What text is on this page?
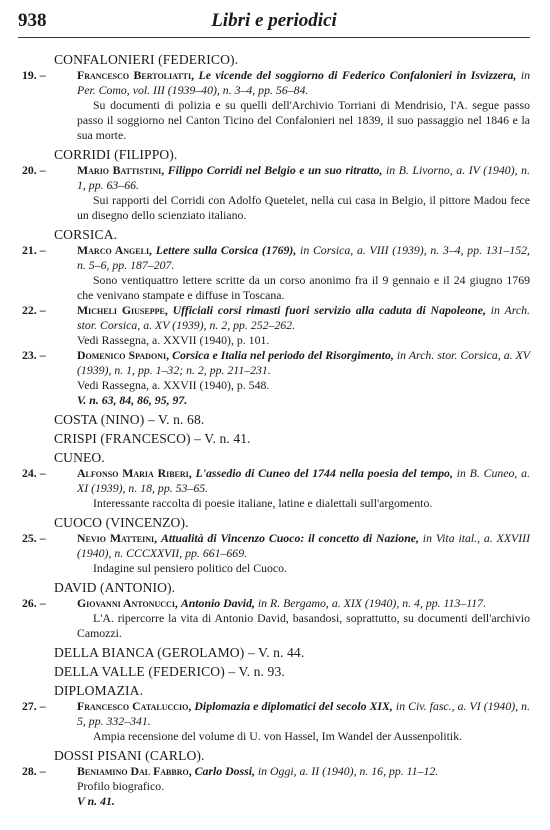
938	Libri e periodici
CONFALONIERI (FEDERICO).
19. –	Francesco Bertoliatti, Le vicende del soggiorno di Federico Confalonieri in Isvizzera, in Per. Como, vol. III (1939–40), n. 3–4, pp. 56–84.
Su documenti di polizia e su quelli dell'Archivio Torriani di Mendrisio, l'A. segue passo passo il soggiorno nel Canton Ticino del Confalonieri nel 1839, il suo passaggio nel 1846 e la sua morte.
CORRIDI (FILIPPO).
20. –	Mario Battistini, Filippo Corridi nel Belgio e un suo ritratto, in B. Livorno, a. IV (1940), n. 1, pp. 63–66.
Sui rapporti del Corridi con Adolfo Quetelet, nella cui casa in Belgio, il pittore Madou fece un disegno dello scienziato italiano.
CORSICA.
21. –	Marco Angeli, Lettere sulla Corsica (1769), in Corsica, a. VIII (1939), n. 3–4, pp. 131–152, n. 5–6, pp. 187–207.
Sono ventiquattro lettere scritte da un corso anonimo fra il 9 gennaio e il 24 giugno 1769 che venivano stampate e diffuse in Toscana.
22. –	Micheli Giuseppe, Ufficiali corsi rimasti fuori servizio alla caduta di Napoleone, in Arch. stor. Corsica, a. XV (1939), n. 2, pp. 252–262.
Vedi Rassegna, a. XXVII (1940), p. 101.
23. –	Domenico Spadoni, Corsica e Italia nel periodo del Risorgimento, in Arch. stor. Corsica, a. XV (1939), n. 1, pp. 1–32; n. 2, pp. 211–231.
Vedi Rassegna, a. XXVII (1940), p. 548.
V. n. 63, 84, 86, 95, 97.
COSTA (NINO) – V. n. 68.
CRISPI (FRANCESCO) – V. n. 41.
CUNEO.
24. –	Alfonso Maria Riberi, L'assedio di Cuneo del 1744 nella poesia del tempo, in B. Cuneo, a. XI (1939), n. 18, pp. 53–65.
Interessante raccolta di poesie italiane, latine e dialettali sull'argomento.
CUOCO (VINCENZO).
25. –	Nevio Matteini, Attualità di Vincenzo Cuoco: il concetto di Nazione, in Vita ital., a. XXVIII (1940), n. CCCXXVII, pp. 661–669.
Indagine sul pensiero politico del Cuoco.
DAVID (ANTONIO).
26. –	Giovanni Antonucci, Antonio David, in R. Bergamo, a. XIX (1940), n. 4, pp. 113–117.
L'A. ripercorre la vita di Antonio David, basandosi, soprattutto, su documenti dell'archivio Camozzi.
DELLA BIANCA (GEROLAMO) – V. n. 44.
DELLA VALLE (FEDERICO) – V. n. 93.
DIPLOMAZIA.
27. –	Francesco Cataluccio, Diplomazia e diplomatici del secolo XIX, in Civ. fasc., a. VI (1940), n. 5, pp. 332–341.
Ampia recensione del volume di U. von Hassel, Im Wandel der Aussenpolitik.
DOSSI PISANI (CARLO).
28. –	Beniamino Dal Fabbro, Carlo Dossi, in Oggi, a. II (1940), n. 16, pp. 11–12.
Profilo biografico.
V n. 41.
